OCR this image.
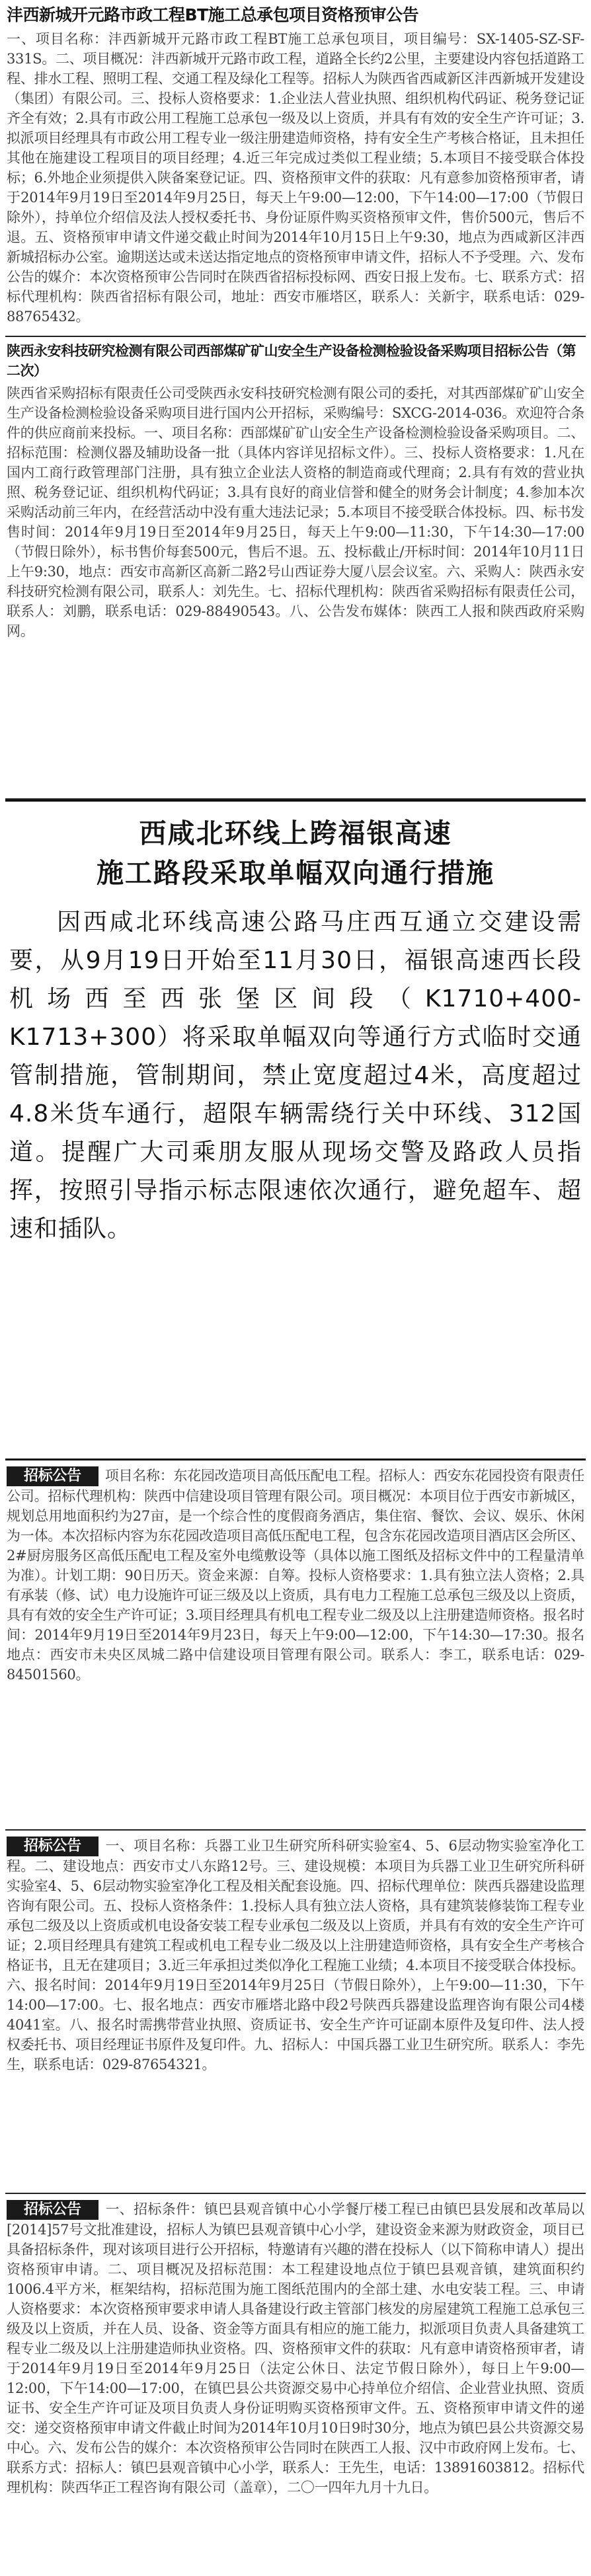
沣西新城开元路市政工程BT施工总承包项目资格预审公告
一、项目名称：沣西新城开元路市政工程BT施工总承包项目，项目编号：SX-1405-SZ-SF-331S。二、项目概况：沣西新城开元路市政工程，道路全长约2公里，主要建设内容包括道路工程、排水工程、照明工程、交通工程及绿化工程等。招标人为陕西省西咸新区沣西新城开发建设（集团）有限公司。三、投标人资格要求：1.企业法人营业执照、组织机构代码证、税务登记证齐全有效；2.具有市政公用工程施工总承包一级及以上资质，并具有有效的安全生产许可证；3.拟派项目经理具有市政公用工程专业一级注册建造师资格，持有安全生产考核合格证，且未担任其他在施建设工程项目的项目经理；4.近三年完成过类似工程业绩；5.本项目不接受联合体投标；6.外地企业须提供入陕备案登记证。四、资格预审文件的获取：凡有意参加资格预审者，请于2014年9月19日至2014年9月25日，每天上午9:00—12:00，下午14:00—17:00（节假日除外），持单位介绍信及法人授权委托书、身份证原件购买资格预审文件，售价500元，售后不退。五、资格预审申请文件递交截止时间为2014年10月15日上午9:30，地点为西咸新区沣西新城招标办公室。逾期送达或未送达指定地点的资格预审申请文件，招标人不予受理。六、发布公告的媒介：本次资格预审公告同时在陕西省招标投标网、西安日报上发布。七、联系方式：招标代理机构：陕西省招标有限公司，地址：西安市雁塔区，联系人：关新宇，联系电话：029-88765432。
陕西永安科技研究检测有限公司西部煤矿矿山安全生产设备检测检验设备采购项目招标公告（第二次）
陕西省采购招标有限责任公司受陕西永安科技研究检测有限公司的委托，对其西部煤矿矿山安全生产设备检测检验设备采购项目进行国内公开招标，采购编号：SXCG-2014-036。欢迎符合条件的供应商前来投标。一、项目名称：西部煤矿矿山安全生产设备检测检验设备采购项目。二、招标范围：检测仪器及辅助设备一批（具体内容详见招标文件）。三、投标人资格要求：1.凡在国内工商行政管理部门注册，具有独立企业法人资格的制造商或代理商；2.具有有效的营业执照、税务登记证、组织机构代码证；3.具有良好的商业信誉和健全的财务会计制度；4.参加本次采购活动前三年内，在经营活动中没有重大违法记录；5.本项目不接受联合体投标。四、标书发售时间：2014年9月19日至2014年9月25日，每天上午9:00—11:30，下午14:30—17:00（节假日除外），标书售价每套500元，售后不退。五、投标截止/开标时间：2014年10月11日上午9:30，地点：西安市高新区高新二路2号山西证券大厦八层会议室。六、采购人：陕西永安科技研究检测有限公司，联系人：刘先生。七、招标代理机构：陕西省采购招标有限责任公司，联系人：刘鹏，联系电话：029-88490543。八、公告发布媒体：陕西工人报和陕西政府采购网。
西咸北环线上跨福银高速
施工路段采取单幅双向通行措施
因西咸北环线高速公路马庄西互通立交建设需要，从9月19日开始至11月30日，福银高速西长段机场西至西张堡区间段（K1710+400-K1713+300）将采取单幅双向等通行方式临时交通管制措施，管制期间，禁止宽度超过4米，高度超过4.8米货车通行，超限车辆需绕行关中环线、312国道。提醒广大司乘朋友服从现场交警及路政人员指挥，按照引导指示标志限速依次通行，避免超车、超速和插队。
招标公告 项目名称：东花园改造项目高低压配电工程。招标人：西安东花园投资有限责任公司。招标代理机构：陕西中信建设项目管理有限公司。项目概况：本项目位于西安市新城区，规划总用地面积约为27亩，是一个综合性的度假商务酒店，集住宿、餐饮、会议、娱乐、休闲为一体。本次招标内容为东花园改造项目高低压配电工程，包含东花园改造项目酒店区会所区、2#厨房服务区高低压配电工程及室外电缆敷设等（具体以施工图纸及招标文件中的工程量清单为准）。计划工期：90日历天。资金来源：自筹。投标人资格要求：1.具有独立法人资格；2.具有承装（修、试）电力设施许可证三级及以上资质，具有电力工程施工总承包三级及以上资质，具有有效的安全生产许可证；3.项目经理具有机电工程专业二级及以上注册建造师资格。报名时间：2014年9月19日至2014年9月23日，每天上午9:00—12:00，下午14:30—17:30。报名地点：西安市未央区凤城二路中信建设项目管理有限公司。联系人：李工，联系电话：029-84501560。
招标公告 一、项目名称：兵器工业卫生研究所科研实验室4、5、6层动物实验室净化工程。二、建设地点：西安市丈八东路12号。三、建设规模：本项目为兵器工业卫生研究所科研实验室4、5、6层动物实验室净化工程及相关配套设施。四、招标代理单位：陕西兵器建设监理咨询有限公司。五、投标人资格条件：1.投标人具有独立法人资格，具有建筑装修装饰工程专业承包二级及以上资质或机电设备安装工程专业承包二级及以上资质，并具有有效的安全生产许可证；2.项目经理具有建筑工程或机电工程专业二级及以上注册建造师资格，具有安全生产考核合格证书，且无在建项目；3.近三年承担过类似净化工程施工业绩；4.本项目不接受联合体投标。六、报名时间：2014年9月19日至2014年9月25日（节假日除外），上午9:00—11:30，下午14:00—17:00。七、报名地点：西安市雁塔北路中段2号陕西兵器建设监理咨询有限公司4楼4041室。八、报名时需携带营业执照、资质证书、安全生产许可证副本原件及复印件、法人授权委托书、项目经理证书原件及复印件。九、招标人：中国兵器工业卫生研究所。联系人：李先生，联系电话：029-87654321。
招标公告 一、招标条件：镇巴县观音镇中心小学餐厅楼工程已由镇巴县发展和改革局以[2014]57号文批准建设，招标人为镇巴县观音镇中心小学，建设资金来源为财政资金，项目已具备招标条件，现对该项目进行公开招标，特邀请有兴趣的潜在投标人（以下简称申请人）提出资格预审申请。二、项目概况及招标范围：本工程建设地点位于镇巴县观音镇，建筑面积约1006.4平方米，框架结构，招标范围为施工图纸范围内的全部土建、水电安装工程。三、申请人资格要求：本次资格预审要求申请人具备建设行政主管部门核发的房屋建筑工程施工总承包三级及以上资质，并在人员、设备、资金等方面具有相应的施工能力，拟派项目负责人具备建筑工程专业二级及以上注册建造师执业资格。四、资格预审文件的获取：凡有意申请资格预审者，请于2014年9月19日至2014年9月25日（法定公休日、法定节假日除外），每日上午9:00—12:00，下午14:00—17:00，在镇巴县公共资源交易中心持单位介绍信、企业营业执照、资质证书、安全生产许可证及项目负责人身份证明购买资格预审文件。五、资格预审申请文件的递交：递交资格预审申请文件截止时间为2014年10月10日9时30分，地点为镇巴县公共资源交易中心。六、发布公告的媒介：本次资格预审公告同时在陕西工人报、汉中市政府网上发布。七、联系方式：招标人：镇巴县观音镇中心小学，联系人：王先生，电话：13891603812。招标代理机构：陕西华正工程咨询有限公司（盖章），二〇一四年九月十九日。
